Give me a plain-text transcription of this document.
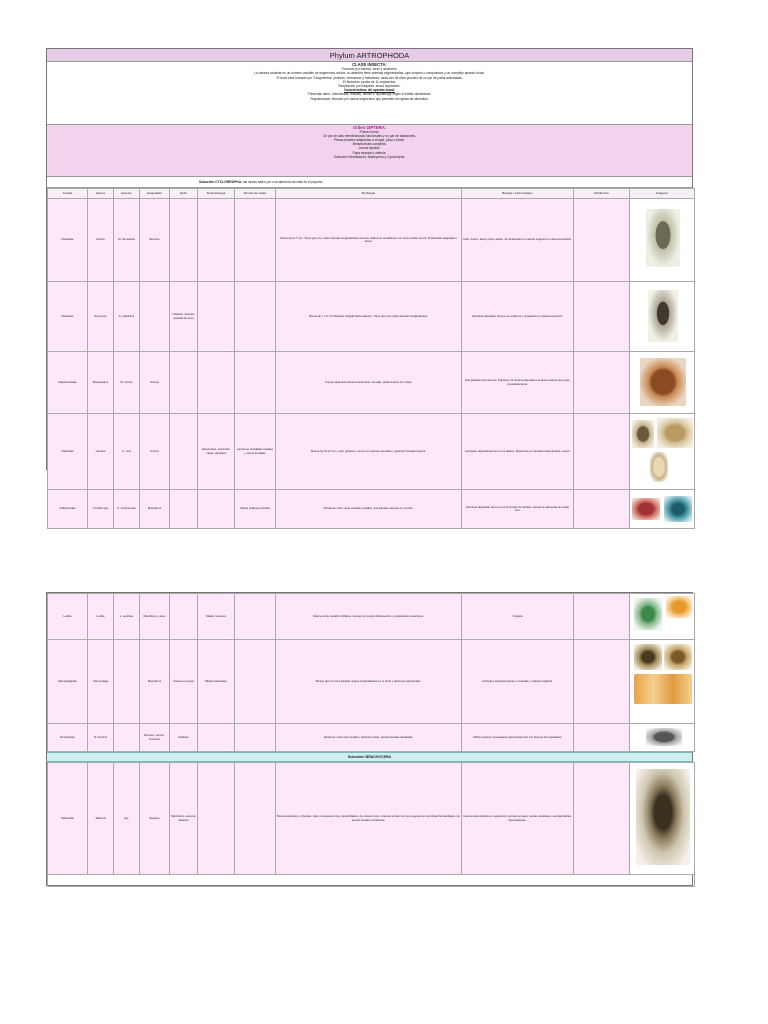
Phylum ARTROPHODA
CLASE INSECTA:
Formado por cabeza, tórax y abdomen.
La cabeza consiste en un número variable de segmentos unidos, su abertura tiene antenas segmentadas, ojos simples o compuestos y un complejo aparato bucal.
El tórax está formado por 3 segmentos: protórax, mesotórax y metatórax, cada uno de ellos provisto de un par de patas articuladas.
El abdomen consta de 11 segmentos.
Respiración por tráqueas, sexos separados.
Características del aparato bucal:
Presentan labro, mandíbulas, maxilas, labium e hipofaringe según el hábito alimentario.
Segmentados, formado por varios segmentos que permiten la ingesta de alimentos.
Orden DIPTERA:
Poseen tórax.
Un par de alas membranosas funcionales y un par de balancines.
Piezas bucales adaptadas a chupar, picar o lamer.
Metamorfosis completa.
Larvas ápodas.
Pupa exarata u obtecta.
Suborden Nematocera, Brachycera y Cyclorrapha.
Suborden CYCLORRAPHA: las larvas salen por una abertura circular en el pupario.
Familia	Género	Especie	Hospedador	Daño	Sintomatología	Período de miasis	Morfología	Biología / Ciclo biológico	Distribución	Imágenes
Muscidae	Musca	M. domestica	Bovinos				Mosca de 6-7 mm. Tórax gris con cuatro bandas longitudinales oscuras. Abdomen amarillento con línea media oscura. Probóscide adaptada a lamer.	Ciclo: huevo, larva, pupa, adulto. Se desarrolla en materia orgánica en descomposición.		

Muscidae	Stomoxys	S. calcitrans		Irritación, anemia, pérdida de peso			Mosca de 7 mm. Probóscide dirigida hacia delante. Tórax gris con cuatro bandas longitudinales.	Hembras depositan huevos en estiércol y vegetación en descomposición.		

Hippoboscidae	Melophagus	M. ovinus	Ovinos				Cuerpo aplanado dorsoventralmente, sin alas, patas fuertes con uñas.	Ectoparásito permanente. Pupíparo: la hembra deposita una larva madura que pupa inmediatamente.		

Oestridae	Oestrus	O. ovis	Ovinos		Estornudos, secreción nasal, inquietud	Larvas en cavidades nasales y senos frontales	Mosca de 10-12 mm, color grisáceo. Larva con espinas ventrales y ganchos bucales fuertes.	Larvípara: deposita larvas en los ollares. Desarrollo en cavidad nasal durante meses.		

Calliphoridae	Cochliomyia	C. hominivorax	Mamíferos			Miasis cutánea primaria	Mosca de color verde azulado metálico, tres bandas oscuras en el tórax.	Hembras depositan huevos en los bordes de heridas. Larvas se alimentan de tejido vivo.		
Lucilia	Lucilia	L. sericata	Mamíferos y aves		Miasis, lesiones		Mosca verde metálico brillante. Larvas con cuerpo blanquecino y espiráculos posteriores.	Ovipara		

Sarcophagidae	Sarcophaga		Mamíferos	Ácaros en la piel	Miasis traumática		Mosca gris con tres bandas negras longitudinales en el tórax y abdomen ajedrezado.	Larvípara. Deposita larvas en heridas y materia orgánica.		

Dermatobia	D. hominis		Bovinos, perros, humanos	Nódulos			Adulto de color azul metálico, antenas cortas, piezas bucales atrofiadas.	Utiliza vectores (mosquitos) para transportar sus huevos al hospedador.		
Suborden BRACHYCERA
Tabanidae	Tabanus	spp.	Equinos	Mamíferos, anemia, irritación			Moscas grandes y robustas. Ojos compuestos muy desarrollados, de colores vivos. Antenas cortas con tres segmentos. Hembras hematófagas con piezas bucales cortadoras.	Huevos depositados en vegetación cercana al agua. Larvas acuáticas o semiacuáticas, depredadoras.		
